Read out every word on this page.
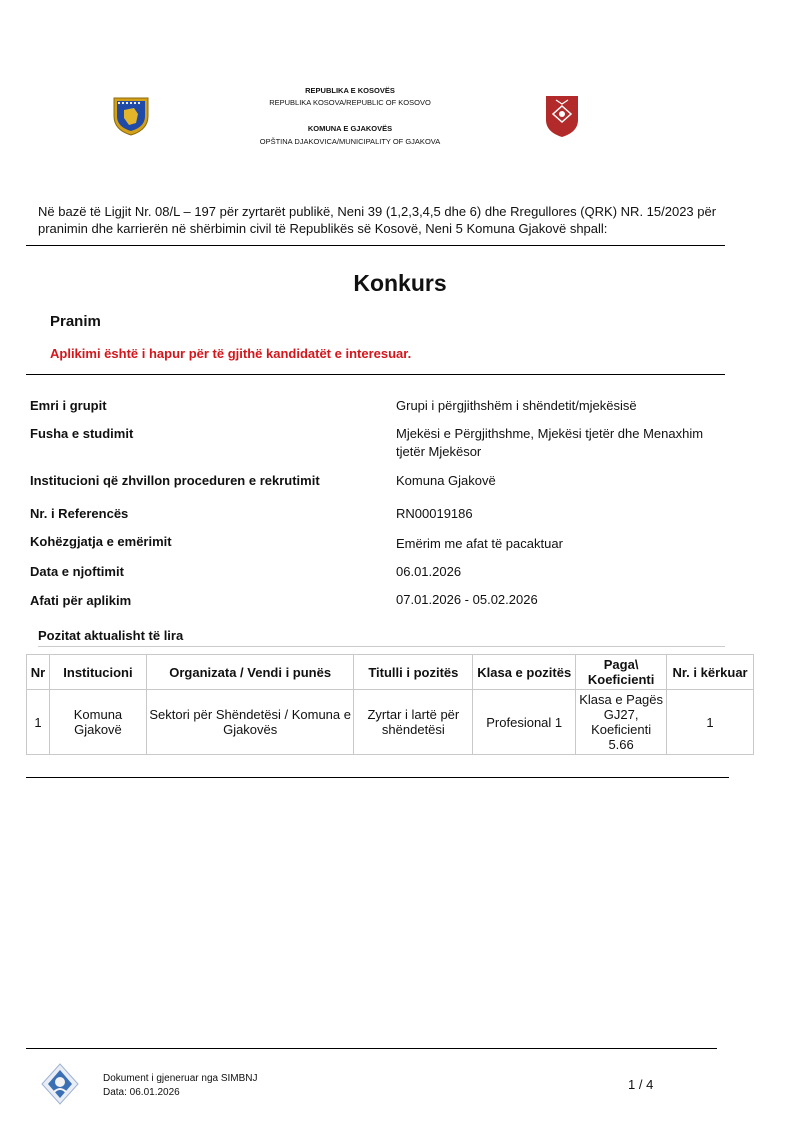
REPUBLIKA E KOSOVËS
REPUBLIKA KOSOVA/REPUBLIC OF KOSOVO
KOMUNA E GJAKOVËS
OPŠTINA DJAKOVICA/MUNICIPALITY OF GJAKOVA
Në bazë të Ligjit Nr. 08/L – 197 për zyrtarët publikë, Neni 39 (1,2,3,4,5 dhe 6) dhe Rregullores (QRK) NR. 15/2023 për pranimin dhe karrierën në shërbimin civil të Republikës së Kosovë, Neni 5 Komuna Gjakovë shpall:
Konkurs
Pranim
Aplikimi është i hapur për të gjithë kandidatët e interesuar.
Emri i grupit	Grupi i përgjithshëm i shëndetit/mjekësisë
Fusha e studimit	Mjekësi e Përgjithshme, Mjekësi tjetër dhe Menaxhim tjetër Mjekësor
Institucioni që zhvillon proceduren e rekrutimit	Komuna Gjakovë
Nr. i Referencës	RN00019186
Kohëzgjatja e emërimit	Emërim me afat të pacaktuar
Data e njoftimit	06.01.2026
Afati për aplikim	07.01.2026 - 05.02.2026
Pozitat aktualisht të lira
Nr	Institucioni	Organizata / Vendi i punës	Titulli i pozitës	Klasa e pozitës	Paga\ Koeficienti	Nr. i kërkuar
1	Komuna Gjakovë	Sektori për Shëndetësi / Komuna e Gjakovës	Zyrtar i lartë për shëndetësi	Profesional 1	Klasa e Pagës GJ27, Koeficienti 5.66	1
Dokument i gjeneruar nga SIMBNJ
Data: 06.01.2026
1 / 4
